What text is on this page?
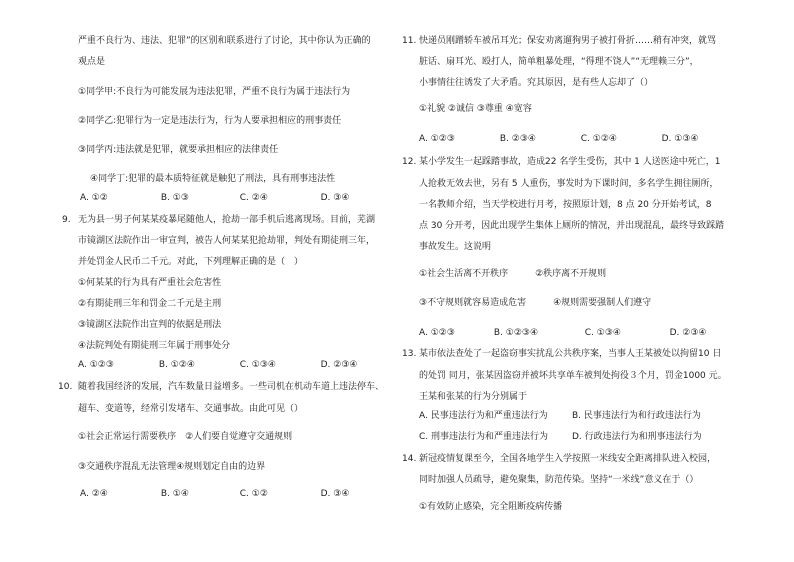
严重不良行为、违法、犯罪”的区别和联系进行了讨论，其中你认为正确的
观点是
①同学甲:不良行为可能发展为违法犯罪，严重不良行为属于违法行为
②同学乙:犯罪行为一定是违法行为，行为人要承担相应的刑事责任
③同学丙:违法就是犯罪，就要承担相应的法律责任
④同学丁:犯罪的最本质特征就是触犯了刑法，具有刑事违法性
A. ①②	B. ①③	C. ②④	D. ③④
9. 无为县一男子何某某疫暴尾随他人，抢劫一部手机后逃离现场。目前，芜湖
市镜湖区法院作出一审宣判，被告人何某某犯抢劫罪，判处有期徒刑三年，
并处罚金人民币二千元。对此，下列理解正确的是（　）
①何某某的行为具有严重社会危害性
②有期徒刑三年和罚金二千元是主刑
③镜湖区法院作出宣判的依据是刑法
④法院判处有期徒刑三年属于刑事处分
A. ①②③	B. ①②④	C. ①③④	D. ②③④
10. 随着我国经济的发展，汽车数量日益增多。一些司机在机动车道上违法停车、
超车、变道等，经常引发堵车、交通事故。由此可见（）
①社会正常运行需要秩序　②人们要自觉遵守交通规则
③交通秩序混乱无法管理④规则划定自由的边界
A. ②④	B. ①④	C. ①②	D. ③④
11. 快递员刚蹭轿车被吊耳光；保安劝离遛狗男子被打骨折……稍有冲突，就骂
脏话、扇耳光、殴打人，简单粗暴处理，“得理不饶人”“无理赖三分”，
小事情往往诱发了大矛盾。究其原因，是有些人忘却了（）
①礼貌 ②诚信 ③尊重 ④宽容
A. ①②③	B. ②③④	C. ①②④	D. ①③④
12. 某小学发生一起踩踏事故，造成22 名学生受伤，其中 1 人送医途中死亡，1
人抢救无效去世，另有 5 人重伤，事发时为下课时间，多名学生拥往厕所，
一名教师介绍，当天学校进行月考，按照原计划，8 点 20 分开始考试，8
点 30 分开考，因此出现学生集体上厕所的情况，并出现混乱，最终导致踩踏
事故发生。这说明
①社会生活离不开秩序　　　②秩序离不开规则
③不守规则就容易造成危害　　　④规则需要强制人们遵守
A. ①②③	B. ①②③④	C. ①③④	D. ②③④
13. 某市依法查处了一起盗窃事实扰乱公共秩序案，当事人王某被处以拘留10 日
的处罚 同月，张某因盗窃并被坏共享单车被判处拘役３个月，罚金1000 元。
王某和张某的行为分别属于
A. 民事违法行为和严重违法行为	B. 民事违法行为和行政违法行为
C. 刑事违法行为和严重违法行为	D. 行政违法行为和刑事违法行为
14. 新冠疫情复课至今，全国各地学生入学按照一米线安全距离排队进入校园，
同时加强人员疏导，避免聚集，防范传染。坚持“一米线”意义在于（）
①有效防止感染，完全阻断疫病传播
